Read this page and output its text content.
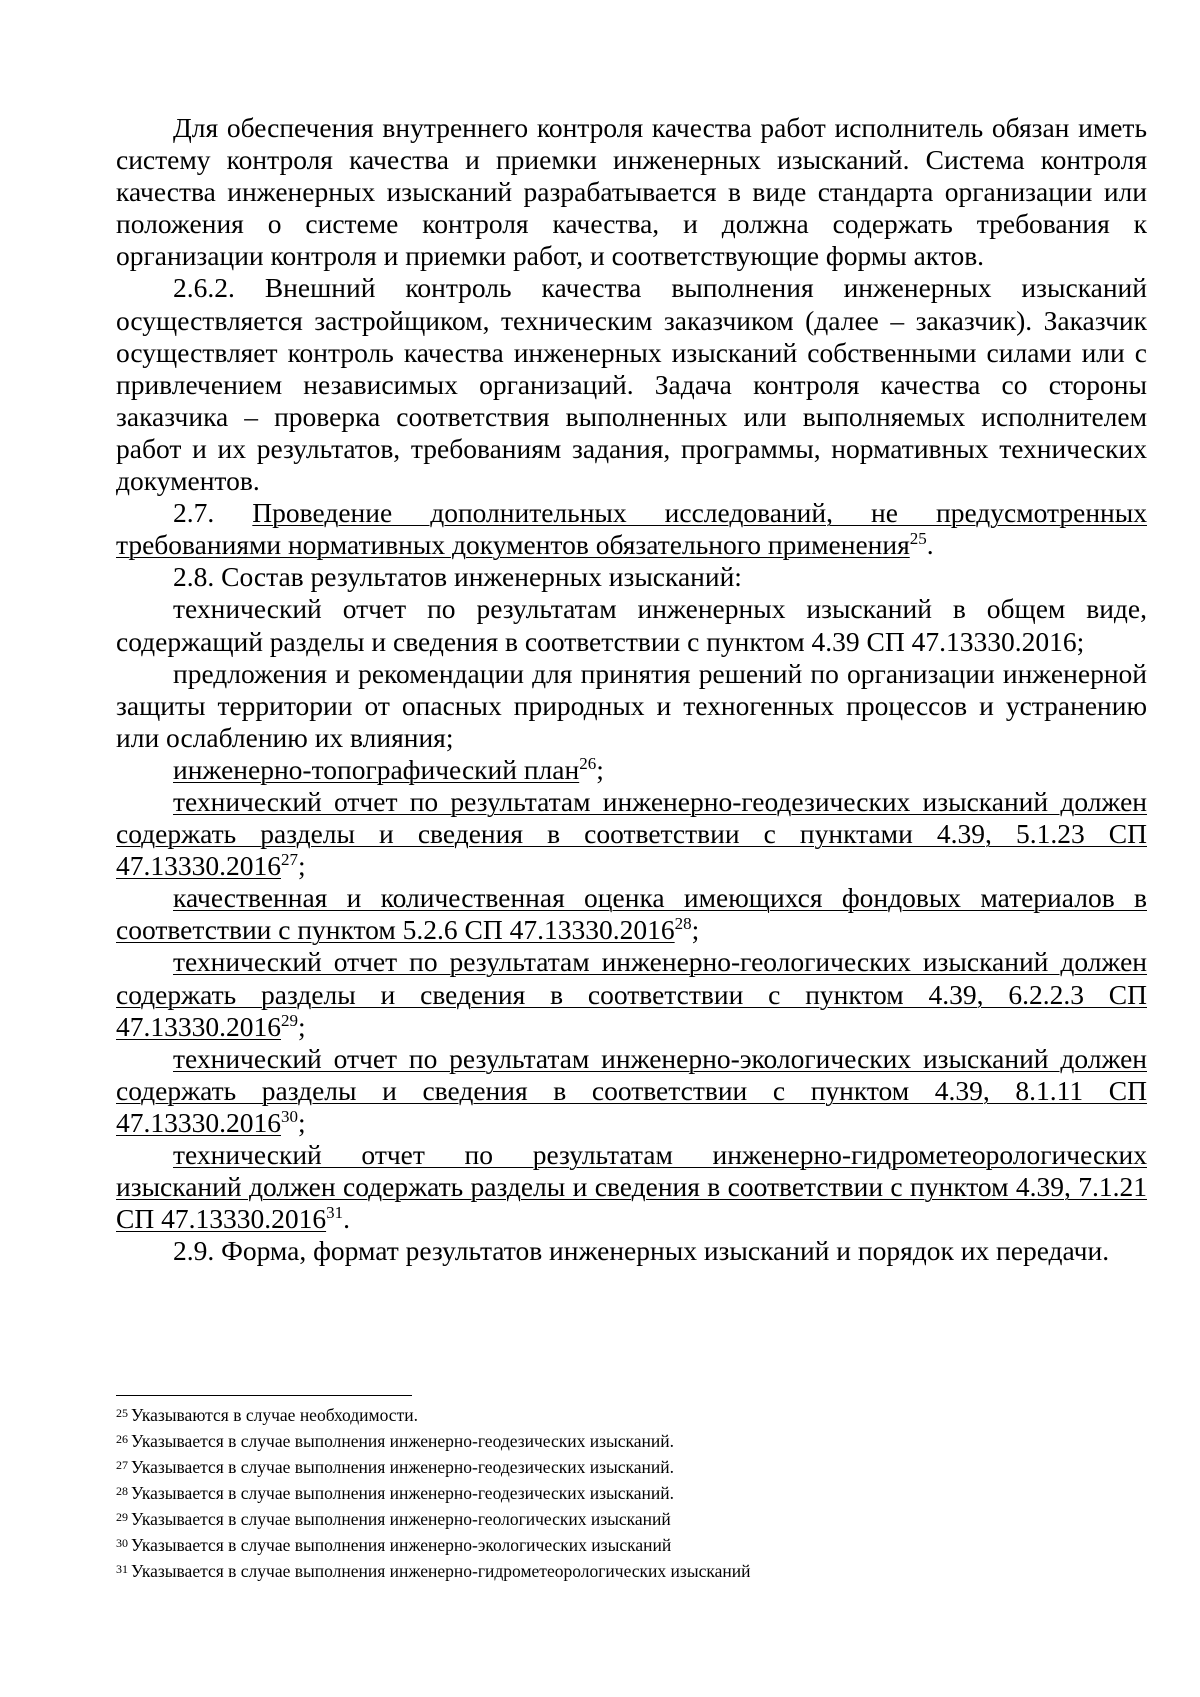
Для обеспечения внутреннего контроля качества работ исполнитель обязан иметь систему контроля качества и приемки инженерных изысканий. Система контроля качества инженерных изысканий разрабатывается в виде стандарта организации или положения о системе контроля качества, и должна содержать требования к организации контроля и приемки работ, и соответствующие формы актов.

2.6.2. Внешний контроль качества выполнения инженерных изысканий осуществляется застройщиком, техническим заказчиком (далее – заказчик). Заказчик осуществляет контроль качества инженерных изысканий собственными силами или с привлечением независимых организаций. Задача контроля качества со стороны заказчика – проверка соответствия выполненных или выполняемых исполнителем работ и их результатов, требованиям задания, программы, нормативных технических документов.

2.7. Проведение дополнительных исследований, не предусмотренных требованиями нормативных документов обязательного применения$^{25}$.

2.8. Состав результатов инженерных изысканий:

технический отчет по результатам инженерных изысканий в общем виде, содержащий разделы и сведения в соответствии с пунктом 4.39 СП 47.13330.2016;

предложения и рекомендации для принятия решений по организации инженерной защиты территории от опасных природных и техногенных процессов и устранению или ослаблению их влияния;

инженерно-топографический план$^{26}$;

технический отчет по результатам инженерно-геодезических изысканий должен содержать разделы и сведения в соответствии с пунктами 4.39, 5.1.23 СП 47.13330.2016$^{27}$;

качественная и количественная оценка имеющихся фондовых материалов в соответствии с пунктом 5.2.6 СП 47.13330.2016$^{28}$;

технический отчет по результатам инженерно-геологических изысканий должен содержать разделы и сведения в соответствии с пунктом 4.39, 6.2.2.3 СП 47.13330.2016$^{29}$;

технический отчет по результатам инженерно-экологических изысканий должен содержать разделы и сведения в соответствии с пунктом 4.39, 8.1.11 СП 47.13330.2016$^{30}$;

технический отчет по результатам инженерно-гидрометеорологических изысканий должен содержать разделы и сведения в соответствии с пунктом 4.39, 7.1.21 СП 47.13330.2016$^{31}$.

2.9. Форма, формат результатов инженерных изысканий и порядок их передачи.

$^{25}$ Указываются в случае необходимости.

$^{26}$ Указывается в случае выполнения инженерно-геодезических изысканий.

$^{27}$ Указывается в случае выполнения инженерно-геодезических изысканий.

$^{28}$ Указывается в случае выполнения инженерно-геодезических изысканий.

$^{29}$ Указывается в случае выполнения инженерно-геологических изысканий

$^{30}$ Указывается в случае выполнения инженерно-экологических изысканий

$^{31}$ Указывается в случае выполнения инженерно-гидрометеорологических изысканий
